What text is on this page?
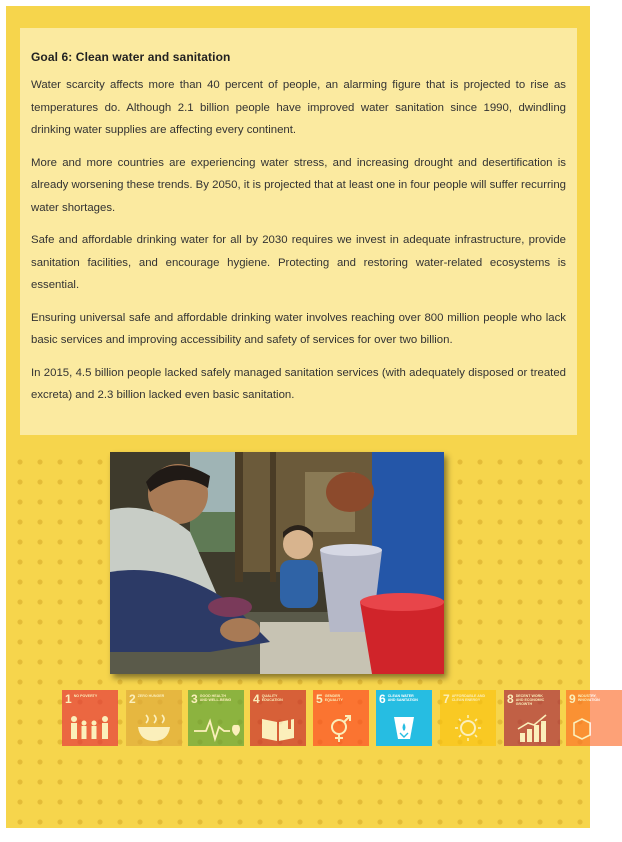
Goal 6: Clean water and sanitation

Water scarcity affects more than 40 percent of people, an alarming figure that is projected to rise as temperatures do. Although 2.1 billion people have improved water sanitation since 1990, dwindling drinking water supplies are affecting every continent.

More and more countries are experiencing water stress, and increasing drought and desertification is already worsening these trends. By 2050, it is projected that at least one in four people will suffer recurring water shortages.

Safe and affordable drinking water for all by 2030 requires we invest in adequate infrastructure, provide sanitation facilities, and encourage hygiene. Protecting and restoring water-related ecosystems is essential.

Ensuring universal safe and affordable drinking water involves reaching over 800 million people who lack basic services and improving accessibility and safety of services for over two billion.

In 2015, 4.5 billion people lacked safely managed sanitation services (with adequately disposed or treated excreta) and 2.3 billion lacked even basic sanitation.

1 NO POVERTY	2 ZERO HUNGER	3 GOOD HEALTH AND WELL-BEING	4 QUALITY EDUCATION	5 GENDER EQUALITY	6 CLEAN WATER AND SANITATION	7 AFFORDABLE AND CLEAN ENERGY	8 DECENT WORK AND ECONOMIC GROWTH	9 INDUSTRY, INNOVATION
